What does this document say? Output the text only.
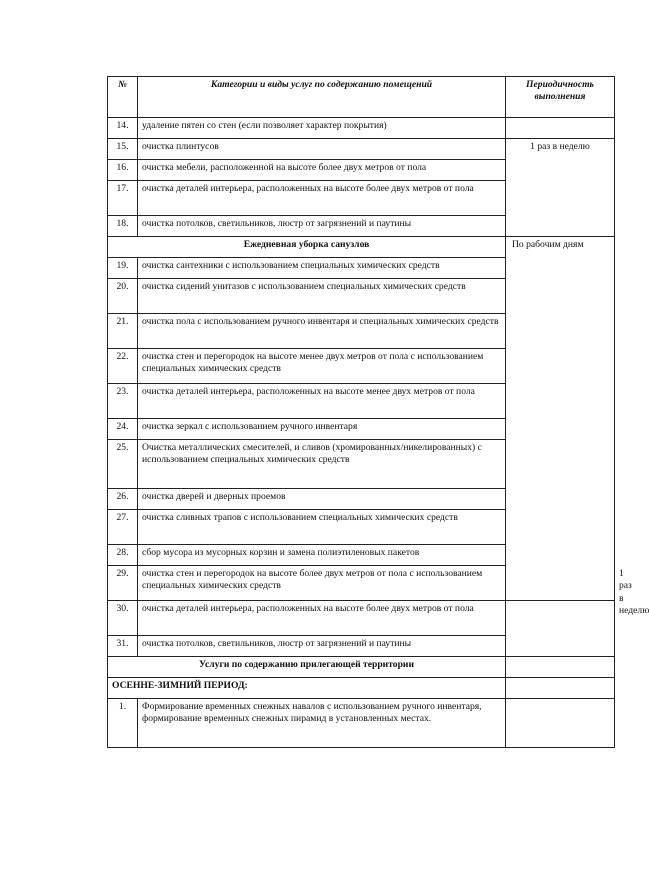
№	Категории и виды услуг по содержанию помещений	Периодичность выполнения	
14.	удаление пятен со стен (если позволяет характер покрытия)		
15.	очистка плинтусов	1 раз в неделю	
16.	очистка мебели, расположенной на высоте более двух метров от пола		
17.	очистка деталей интерьера, расположенных на высоте более двух метров от пола		
18.	очистка потолков, светильников, люстр от загрязнений и паутины		
Ежедневная уборка санузлов		По рабочим дням	
19.	очистка сантехники с использованием специальных химических средств		
20.	очистка сидений унитазов с использованием специальных химических средств		
21.	очистка пола с использованием ручного инвентаря и специальных химических средств		
22.	очистка стен и перегородок на высоте менее двух метров от пола с использованием специальных химических средств		
23.	очистка деталей интерьера, расположенных на высоте менее двух метров от пола		
24.	очистка зеркал с использованием ручного инвентаря		
25.	Очистка металлических смесителей, и сливов (хромированных/никелированных) с использованием специальных химических средств		
26.	очистка дверей и дверных проемов		
27.	очистка сливных трапов с использованием специальных химических средств		
28.	сбор мусора из мусорных корзин и замена полиэтиленовых пакетов		
29.	очистка стен и перегородок на высоте более двух метров от пола с использованием специальных химических средств		1 раз в неделю
30.	очистка деталей интерьера, расположенных на высоте более двух метров от пола		
31.	очистка потолков, светильников, люстр от загрязнений и паутины		
Услуги по содержанию прилегающей территории			
ОСЕННЕ-ЗИМНИЙ ПЕРИОД:			
1.	Формирование временных снежных навалов с использованием ручного инвентаря, формирование временных снежных пирамид в установленных местах.		
